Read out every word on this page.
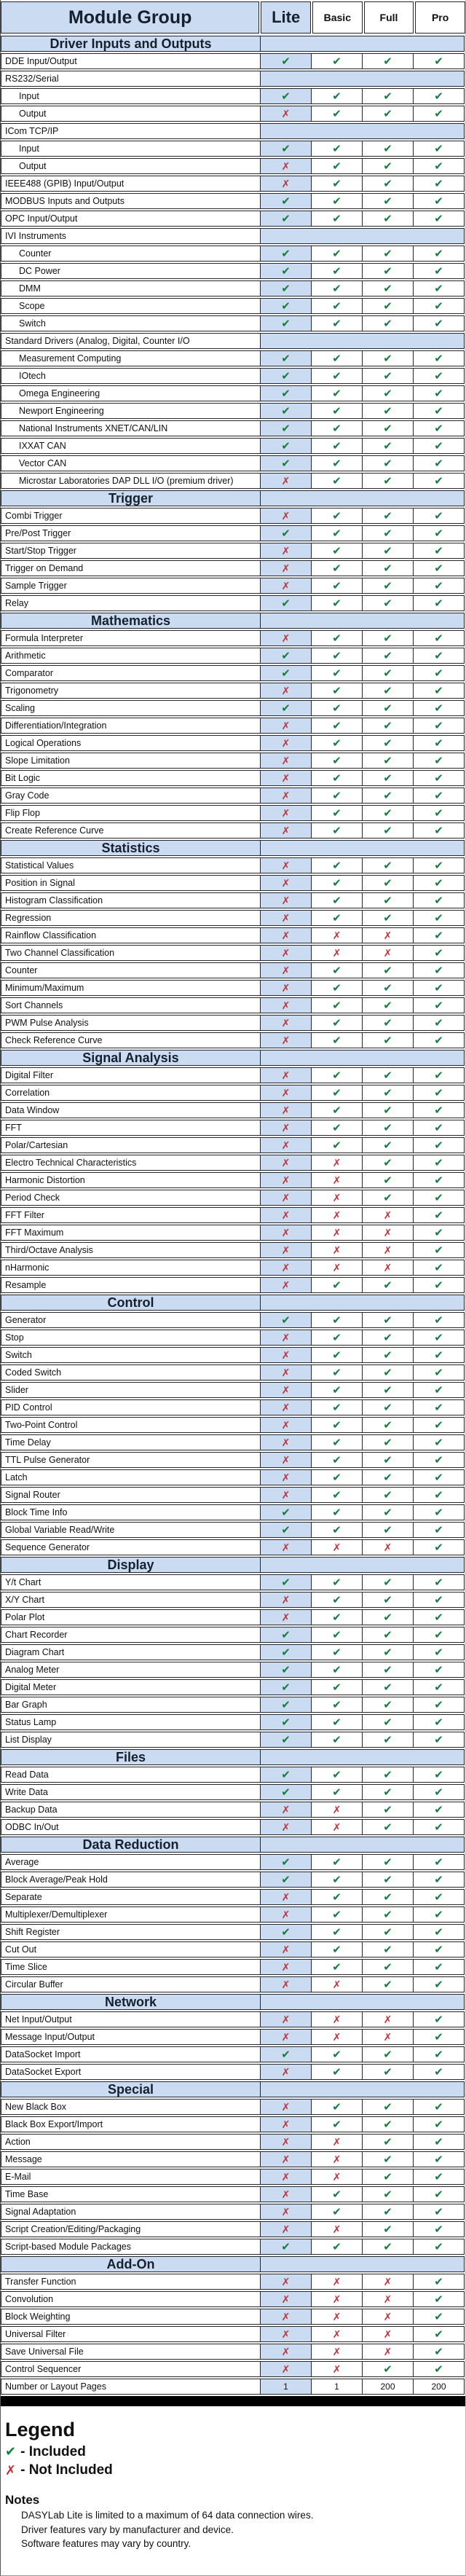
Module Group	Lite	Basic	Full	Pro
Driver Inputs and Outputs
DDE Input/Output	✔	✔	✔	✔
RS232/Serial
Input	✔	✔	✔	✔
Output	✗	✔	✔	✔
ICom TCP/IP
Input	✔	✔	✔	✔
Output	✗	✔	✔	✔
IEEE488 (GPIB) Input/Output	✗	✔	✔	✔
MODBUS Inputs and Outputs	✔	✔	✔	✔
OPC Input/Output	✔	✔	✔	✔
IVI Instruments
Counter	✔	✔	✔	✔
DC Power	✔	✔	✔	✔
DMM	✔	✔	✔	✔
Scope	✔	✔	✔	✔
Switch	✔	✔	✔	✔
Standard Drivers (Analog, Digital, Counter I/O
Measurement Computing	✔	✔	✔	✔
IOtech	✔	✔	✔	✔
Omega Engineering	✔	✔	✔	✔
Newport Engineering	✔	✔	✔	✔
National Instruments XNET/CAN/LIN	✔	✔	✔	✔
IXXAT CAN	✔	✔	✔	✔
Vector CAN	✔	✔	✔	✔
Microstar Laboratories DAP DLL I/O (premium driver)	✗	✔	✔	✔
Trigger
Combi Trigger	✗	✔	✔	✔
Pre/Post Trigger	✔	✔	✔	✔
Start/Stop Trigger	✗	✔	✔	✔
Trigger on Demand	✗	✔	✔	✔
Sample Trigger	✗	✔	✔	✔
Relay	✔	✔	✔	✔
Mathematics
Formula Interpreter	✗	✔	✔	✔
Arithmetic	✔	✔	✔	✔
Comparator	✔	✔	✔	✔
Trigonometry	✗	✔	✔	✔
Scaling	✔	✔	✔	✔
Differentiation/Integration	✗	✔	✔	✔
Logical Operations	✗	✔	✔	✔
Slope Limitation	✗	✔	✔	✔
Bit Logic	✗	✔	✔	✔
Gray Code	✗	✔	✔	✔
Flip Flop	✗	✔	✔	✔
Create Reference Curve	✗	✔	✔	✔
Statistics
Statistical Values	✗	✔	✔	✔
Position in Signal	✗	✔	✔	✔
Histogram Classification	✗	✔	✔	✔
Regression	✗	✔	✔	✔
Rainflow Classification	✗	✗	✗	✔
Two Channel Classification	✗	✗	✗	✔
Counter	✗	✔	✔	✔
Minimum/Maximum	✗	✔	✔	✔
Sort Channels	✗	✔	✔	✔
PWM Pulse Analysis	✗	✔	✔	✔
Check Reference Curve	✗	✔	✔	✔
Signal Analysis
Digital Filter	✗	✔	✔	✔
Correlation	✗	✔	✔	✔
Data Window	✗	✔	✔	✔
FFT	✗	✔	✔	✔
Polar/Cartesian	✗	✔	✔	✔
Electro Technical Characteristics	✗	✗	✔	✔
Harmonic Distortion	✗	✗	✔	✔
Period Check	✗	✗	✔	✔
FFT Filter	✗	✗	✗	✔
FFT Maximum	✗	✗	✗	✔
Third/Octave Analysis	✗	✗	✗	✔
nHarmonic	✗	✗	✗	✔
Resample	✗	✔	✔	✔
Control
Generator	✔	✔	✔	✔
Stop	✗	✔	✔	✔
Switch	✗	✔	✔	✔
Coded Switch	✗	✔	✔	✔
Slider	✗	✔	✔	✔
PID Control	✗	✔	✔	✔
Two-Point Control	✗	✔	✔	✔
Time Delay	✗	✔	✔	✔
TTL Pulse Generator	✗	✔	✔	✔
Latch	✗	✔	✔	✔
Signal Router	✗	✔	✔	✔
Block Time Info	✔	✔	✔	✔
Global Variable Read/Write	✔	✔	✔	✔
Sequence Generator	✗	✗	✗	✔
Display
Y/t Chart	✔	✔	✔	✔
X/Y Chart	✗	✔	✔	✔
Polar Plot	✗	✔	✔	✔
Chart Recorder	✔	✔	✔	✔
Diagram Chart	✔	✔	✔	✔
Analog Meter	✔	✔	✔	✔
Digital Meter	✔	✔	✔	✔
Bar Graph	✔	✔	✔	✔
Status Lamp	✔	✔	✔	✔
List Display	✔	✔	✔	✔
Files
Read Data	✔	✔	✔	✔
Write Data	✔	✔	✔	✔
Backup Data	✗	✗	✔	✔
ODBC In/Out	✗	✗	✔	✔
Data Reduction
Average	✔	✔	✔	✔
Block Average/Peak Hold	✔	✔	✔	✔
Separate	✗	✔	✔	✔
Multiplexer/Demultiplexer	✗	✔	✔	✔
Shift Register	✔	✔	✔	✔
Cut Out	✗	✔	✔	✔
Time Slice	✗	✔	✔	✔
Circular Buffer	✗	✗	✔	✔
Network
Net Input/Output	✗	✗	✗	✔
Message Input/Output	✗	✗	✗	✔
DataSocket Import	✔	✔	✔	✔
DataSocket Export	✗	✔	✔	✔
Special
New Black Box	✗	✔	✔	✔
Black Box Export/Import	✗	✔	✔	✔
Action	✗	✗	✔	✔
Message	✗	✗	✔	✔
E-Mail	✗	✗	✔	✔
Time Base	✗	✔	✔	✔
Signal Adaptation	✗	✔	✔	✔
Script Creation/Editing/Packaging	✗	✗	✔	✔
Script-based Module Packages	✔	✔	✔	✔
Add-On
Transfer Function	✗	✗	✗	✔
Convolution	✗	✗	✗	✔
Block Weighting	✗	✗	✗	✔
Universal Filter	✗	✗	✗	✔
Save Universal File	✗	✗	✗	✔
Control Sequencer	✗	✗	✔	✔
Number or Layout Pages	1	1	200	200
Legend
✔ - Included
✗ - Not Included
Notes
DASYLab Lite is limited to a maximum of 64 data connection wires.
Driver features vary by manufacturer and device.
Software features may vary by country.
